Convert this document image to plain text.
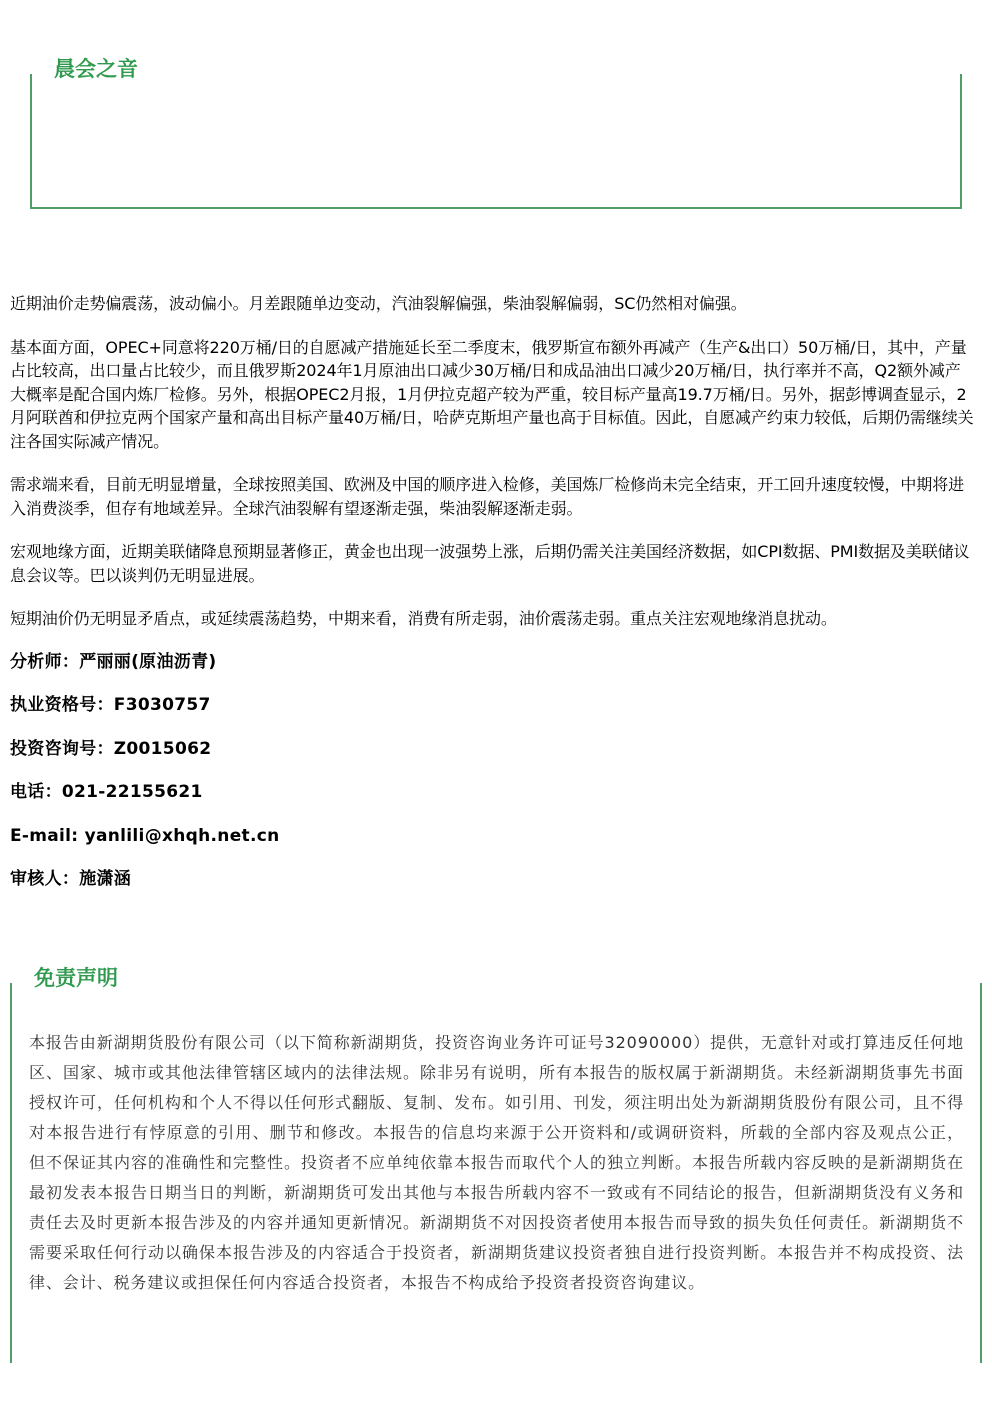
晨会之音

近期油价走势偏震荡，波动偏小。月差跟随单边变动，汽油裂解偏强，柴油裂解偏弱，SC仍然相对偏强。

基本面方面，OPEC+同意将220万桶/日的自愿减产措施延长至二季度末，俄罗斯宣布额外再减产（生产&出口）50万桶/日，其中，产量占比较高，出口量占比较少，而且俄罗斯2024年1月原油出口减少30万桶/日和成品油出口减少20万桶/日，执行率并不高，Q2额外减产大概率是配合国内炼厂检修。另外，根据OPEC2月报，1月伊拉克超产较为严重，较目标产量高19.7万桶/日。另外，据彭博调查显示，2月阿联酋和伊拉克两个国家产量和高出目标产量40万桶/日，哈萨克斯坦产量也高于目标值。因此，自愿减产约束力较低，后期仍需继续关注各国实际减产情况。

需求端来看，目前无明显增量，全球按照美国、欧洲及中国的顺序进入检修，美国炼厂检修尚未完全结束，开工回升速度较慢，中期将进入消费淡季，但存有地域差异。全球汽油裂解有望逐渐走强，柴油裂解逐渐走弱。

宏观地缘方面，近期美联储降息预期显著修正，黄金也出现一波强势上涨，后期仍需关注美国经济数据，如CPI数据、PMI数据及美联储议息会议等。巴以谈判仍无明显进展。

短期油价仍无明显矛盾点，或延续震荡趋势，中期来看，消费有所走弱，油价震荡走弱。重点关注宏观地缘消息扰动。

分析师：严丽丽(原油沥青)

执业资格号：F3030757

投资咨询号：Z0015062

电话：021-22155621

E-mail: yanlili@xhqh.net.cn

审核人：施潇涵

免责声明

本报告由新湖期货股份有限公司（以下简称新湖期货，投资咨询业务许可证号32090000）提供，无意针对或打算违反任何地区、国家、城市或其他法律管辖区域内的法律法规。除非另有说明，所有本报告的版权属于新湖期货。未经新湖期货事先书面授权许可，任何机构和个人不得以任何形式翻版、复制、发布。如引用、刊发，须注明出处为新湖期货股份有限公司，且不得对本报告进行有悖原意的引用、删节和修改。本报告的信息均来源于公开资料和/或调研资料，所载的全部内容及观点公正，但不保证其内容的准确性和完整性。投资者不应单纯依靠本报告而取代个人的独立判断。本报告所载内容反映的是新湖期货在最初发表本报告日期当日的判断，新湖期货可发出其他与本报告所载内容不一致或有不同结论的报告，但新湖期货没有义务和责任去及时更新本报告涉及的内容并通知更新情况。新湖期货不对因投资者使用本报告而导致的损失负任何责任。新湖期货不需要采取任何行动以确保本报告涉及的内容适合于投资者，新湖期货建议投资者独自进行投资判断。本报告并不构成投资、法律、会计、税务建议或担保任何内容适合投资者，本报告不构成给予投资者投资咨询建议。
